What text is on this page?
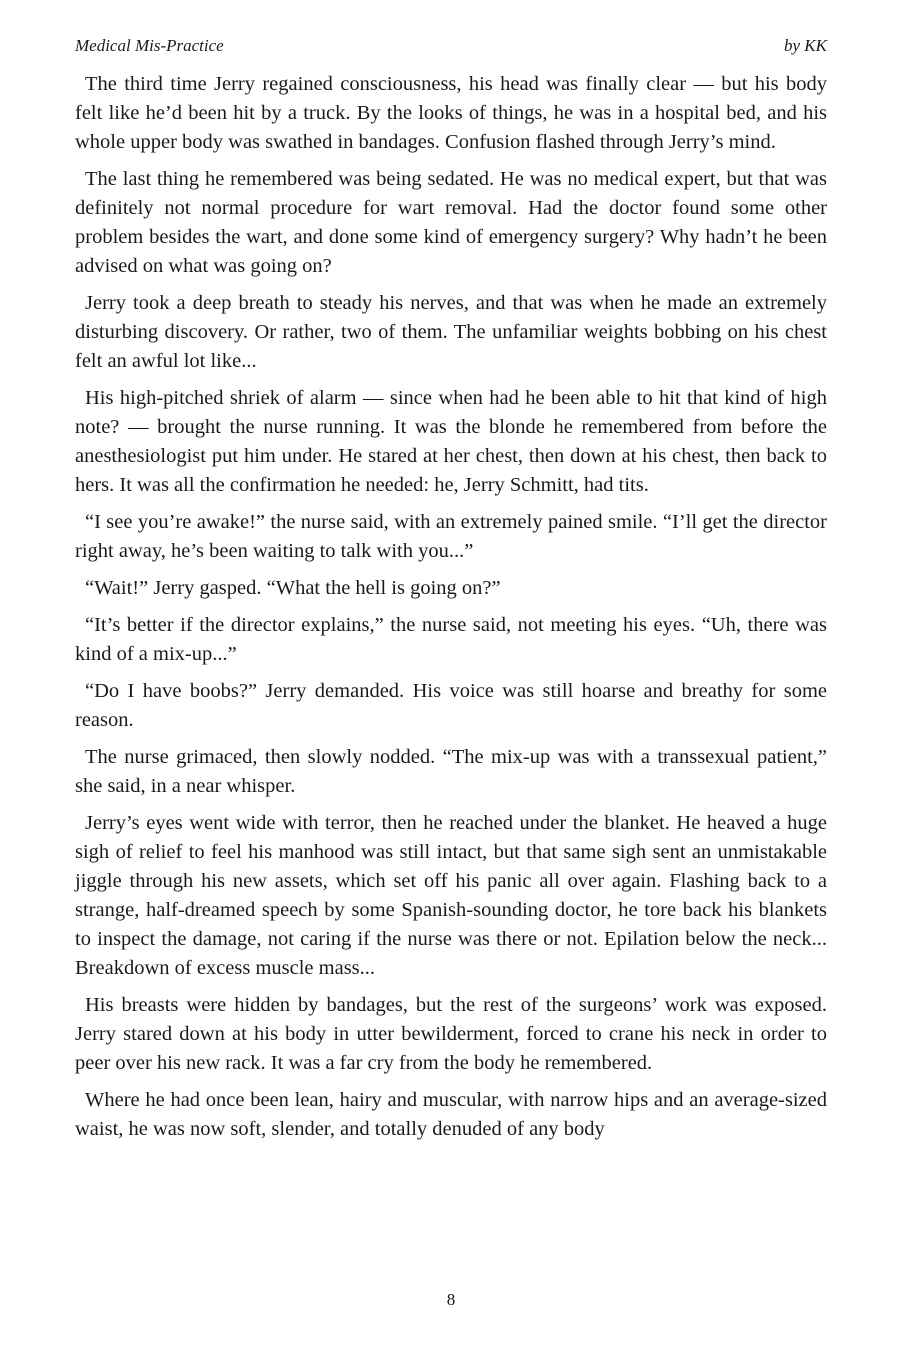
Medical Mis-Practice	by KK

The third time Jerry regained consciousness, his head was finally clear — but his body felt like he’d been hit by a truck. By the looks of things, he was in a hospital bed, and his whole upper body was swathed in bandages. Confusion flashed through Jerry’s mind.

The last thing he remembered was being sedated. He was no medical expert, but that was definitely not normal procedure for wart removal. Had the doctor found some other problem besides the wart, and done some kind of emergency surgery? Why hadn’t he been advised on what was going on?

Jerry took a deep breath to steady his nerves, and that was when he made an extremely disturbing discovery. Or rather, two of them. The unfamiliar weights bobbing on his chest felt an awful lot like...

His high-pitched shriek of alarm — since when had he been able to hit that kind of high note? — brought the nurse running. It was the blonde he remembered from before the anesthesiologist put him under. He stared at her chest, then down at his chest, then back to hers. It was all the confirmation he needed: he, Jerry Schmitt, had tits.

“I see you’re awake!” the nurse said, with an extremely pained smile. “I’ll get the director right away, he’s been waiting to talk with you...”

“Wait!” Jerry gasped. “What the hell is going on?”

“It’s better if the director explains,” the nurse said, not meeting his eyes. “Uh, there was kind of a mix-up...”

“Do I have boobs?” Jerry demanded. His voice was still hoarse and breathy for some reason.

The nurse grimaced, then slowly nodded. “The mix-up was with a transsexual patient,” she said, in a near whisper.

Jerry’s eyes went wide with terror, then he reached under the blanket. He heaved a huge sigh of relief to feel his manhood was still intact, but that same sigh sent an unmistakable jiggle through his new assets, which set off his panic all over again. Flashing back to a strange, half-dreamed speech by some Spanish-sounding doctor, he tore back his blankets to inspect the damage, not caring if the nurse was there or not. Epilation below the neck... Breakdown of excess muscle mass...

His breasts were hidden by bandages, but the rest of the surgeons’ work was exposed. Jerry stared down at his body in utter bewilderment, forced to crane his neck in order to peer over his new rack. It was a far cry from the body he remembered.

Where he had once been lean, hairy and muscular, with narrow hips and an average-sized waist, he was now soft, slender, and totally denuded of any body

8
